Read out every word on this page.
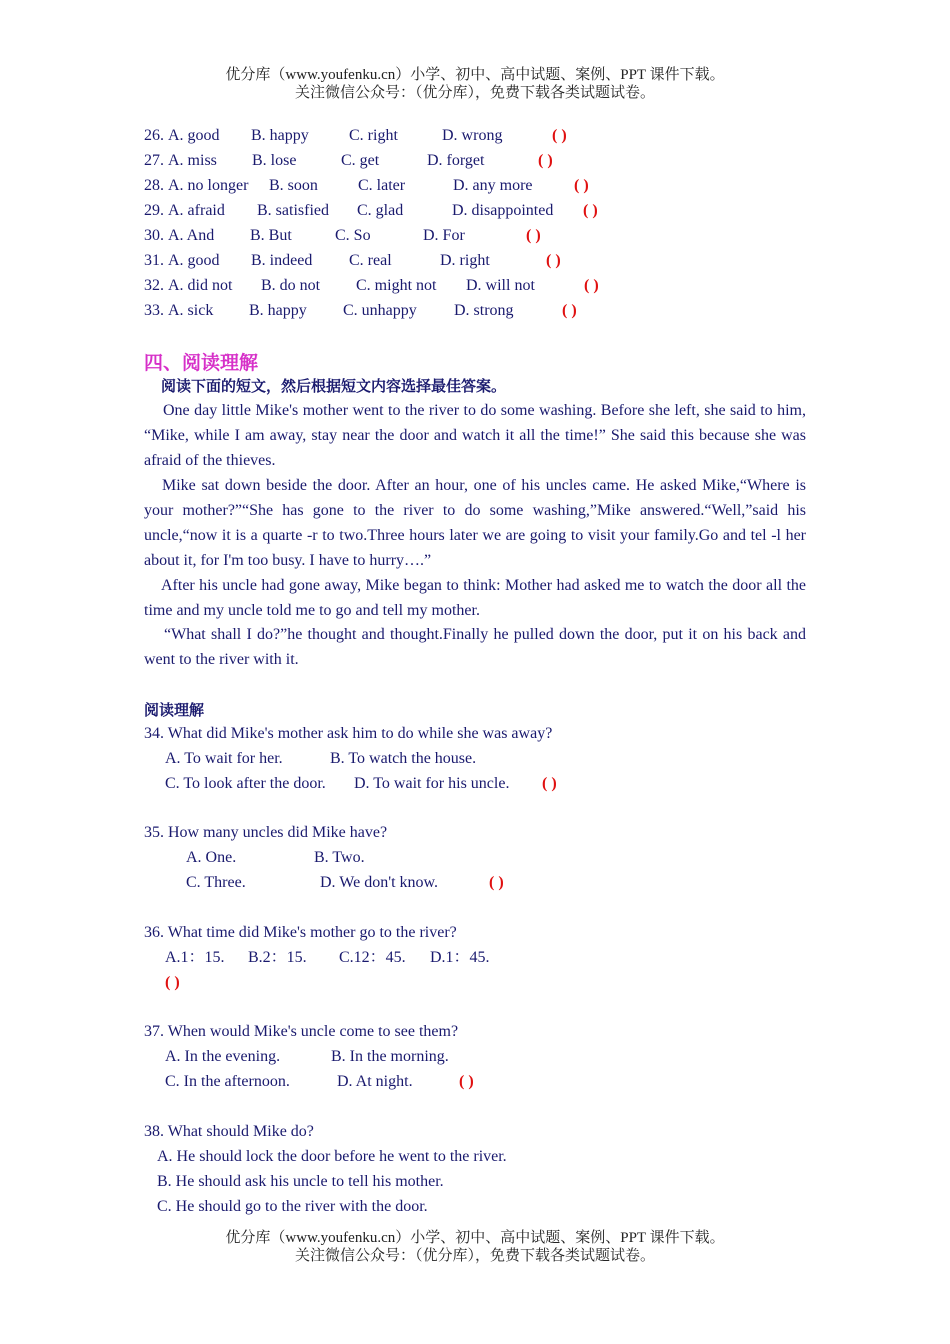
优分库（www.youfenku.cn）小学、初中、高中试题、案例、PPT 课件下载。
关注微信公众号：（优分库），免费下载各类试题试卷。
26. A. good B. happy	C. right	D. wrong	( )
27. A. miss B. lose	C. get	D. forget	( )
28. A. no longer B. soon	C. later	D. any more	( )
29. A. afraid B. satisfied C. glad	D. disappointed ( )
30. A. And B. But	C. So	D. For	( )
31. A. good B. indeed C. real	D. right	( )
32. A. did not B. do not C. might not D. will not	( )
33. A. sick B. happy C. unhappy D. strong	( )
四、阅读理解
阅读下面的短文，然后根据短文内容选择最佳答案。
One day little Mike's mother went to the river to do some washing. Before she left, she said to him, “Mike, while I am away, stay near the door and watch it all the time!” She said this because she was afraid of the thieves.
Mike sat down beside the door. After an hour, one of his uncles came. He asked Mike,“Where is your mother?”“She has gone to the river to do some washing,”Mike answered.“Well,”said his uncle,“now it is a quarte -r to two.Three hours later we are going to visit your family.Go and tel -l her about it, for I'm too busy. I have to hurry….”
After his uncle had gone away, Mike began to think: Mother had asked me to watch the door all the time and my uncle told me to go and tell my mother.
“What shall I do?”he thought and thought.Finally he pulled down the door, put it on his back and went to the river with it.
阅读理解
34. What did Mike's mother ask him to do while she was away?
A. To wait for her.	B. To watch the house.
C. To look after the door. D. To wait for his uncle. ( )
35. How many uncles did Mike have?
A. One.	B. Two.
C. Three.	D. We don't know.	( )
36. What time did Mike's mother go to the river?
A.1：15. B.2：15. C.12：45. D.1：45.
( )
37. When would Mike's uncle come to see them?
A. In the evening.	B. In the morning.
C. In the afternoon.	D. At night.	( )
38. What should Mike do?
A. He should lock the door before he went to the river.
B. He should ask his uncle to tell his mother.
C. He should go to the river with the door.
优分库（www.youfenku.cn）小学、初中、高中试题、案例、PPT 课件下载。
关注微信公众号：（优分库），免费下载各类试题试卷。
